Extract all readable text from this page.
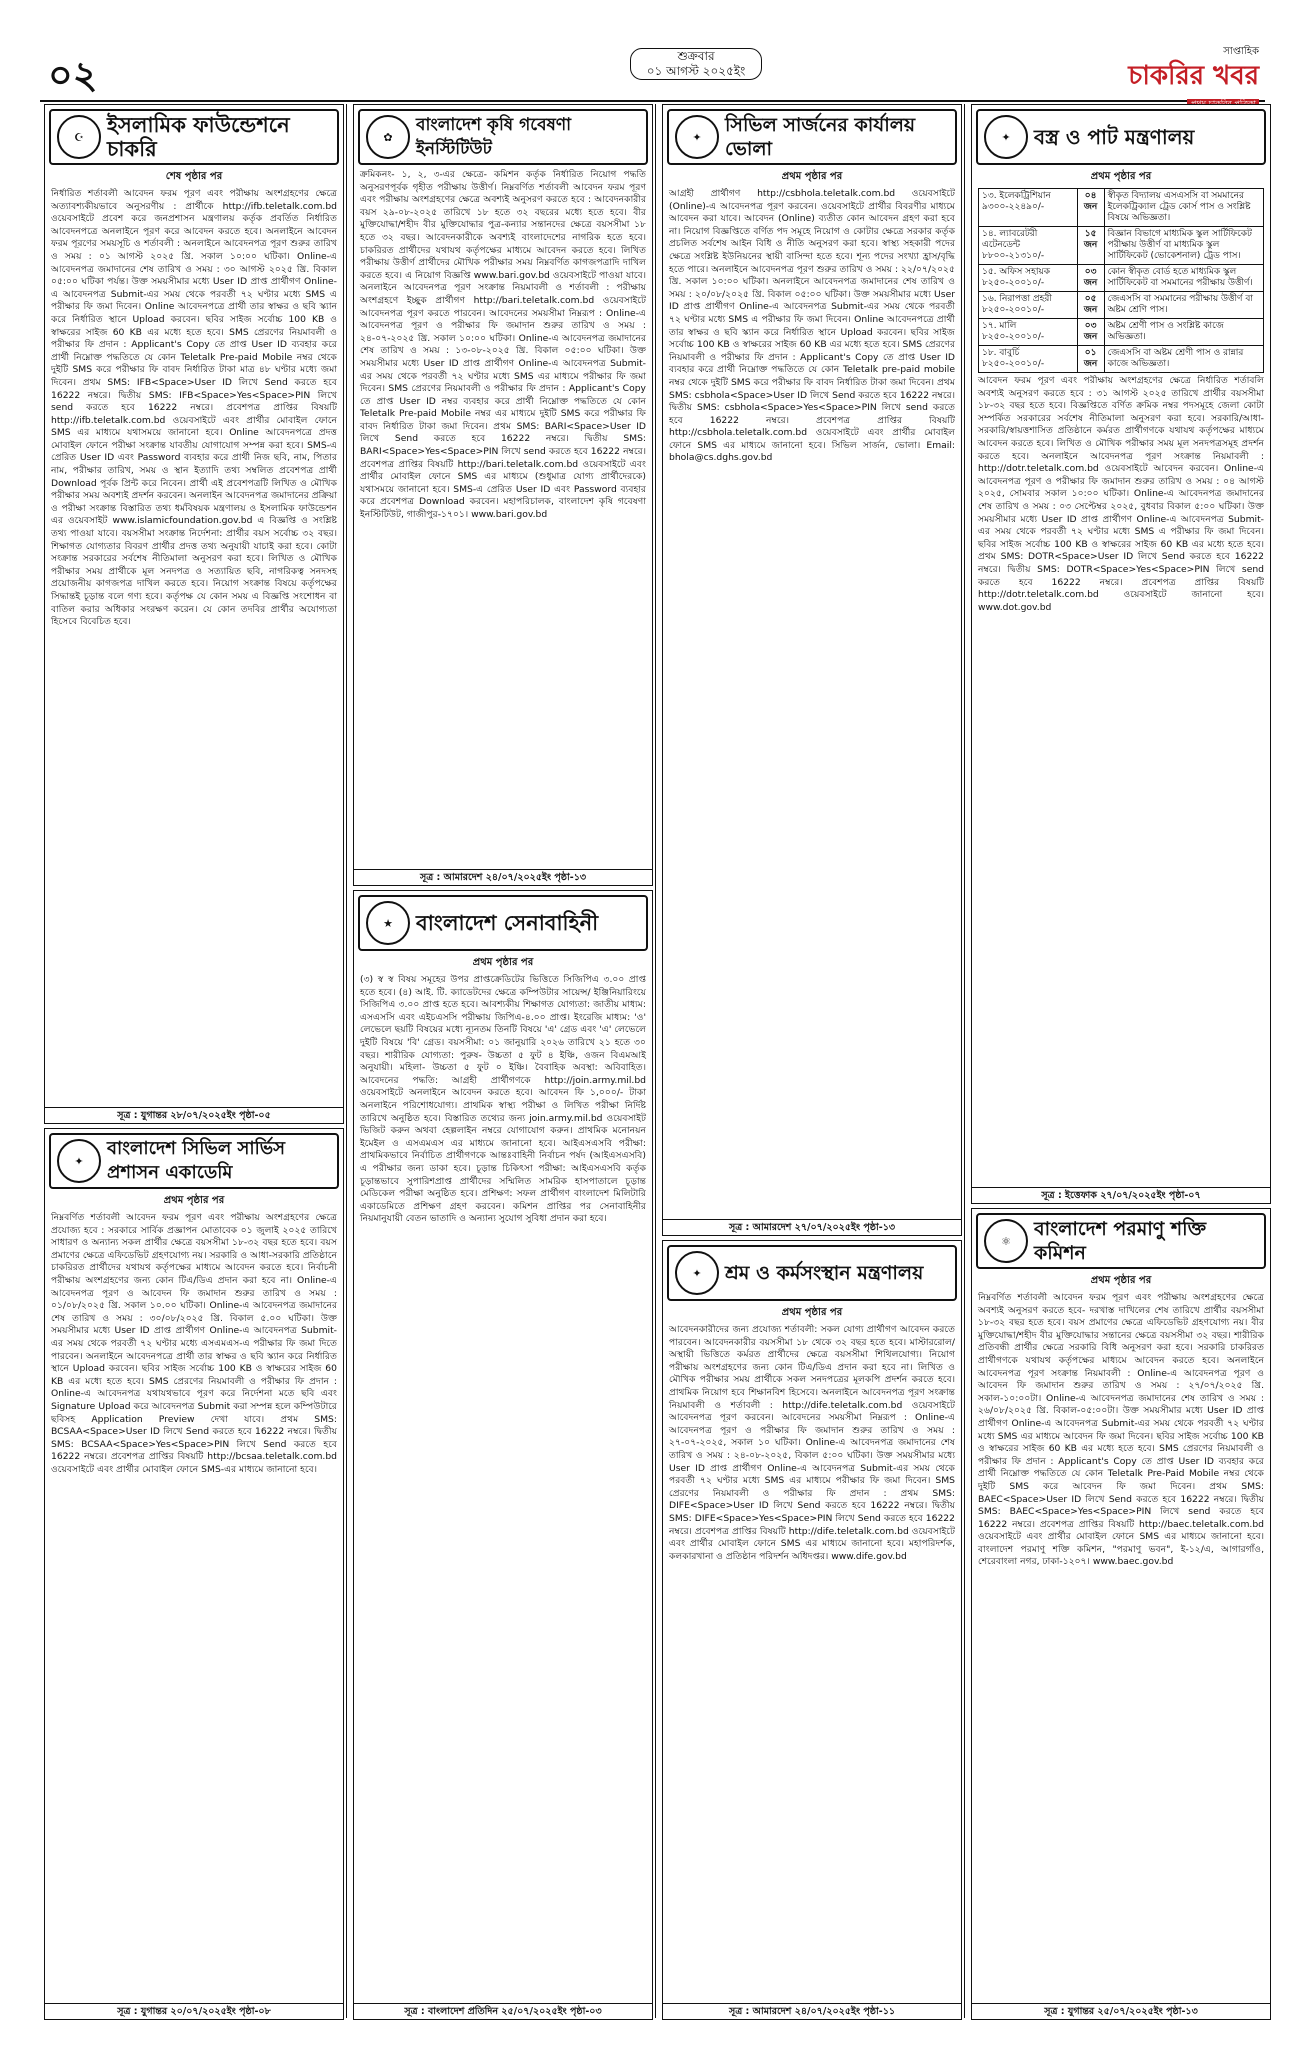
০২	শুক্রবার
০১ আগস্ট ২০২৫ইং
সাপ্তাহিক
চাকরির খবর
☪	ইসলামিক ফাউন্ডেশনে চাকরি
শেষ পৃষ্ঠার পর
নির্ধারিত শর্তাবলী আবেদন ফরম পূরণ এবং পরীক্ষায় অংশগ্রহণের ক্ষেত্রে অত্যাবশ্যকীয়ভাবে অনুসরণীয় : প্রার্থীকে http://ifb.teletalk.com.bd ওয়েবসাইটে প্রবেশ করে জনপ্রশাসন মন্ত্রণালয় কর্তৃক প্রবর্তিত নির্ধারিত আবেদনপত্রে অনলাইনে পূরণ করে আবেদন করতে হবে। অনলাইনে আবেদন ফরম পূরণের সময়সূচি ও শর্তাবলী : অনলাইনে আবেদনপত্র পূরণ শুরুর তারিখ ও সময় : ০১ আগস্ট ২০২৫ খ্রি. সকাল ১০:০০ ঘটিকা। Online-এ আবেদনপত্র জমাদানের শেষ তারিখ ও সময় : ৩০ আগস্ট ২০২৫ খ্রি. বিকাল ০৫:০০ ঘটিকা পর্যন্ত। উক্ত সময়সীমার মধ্যে User ID প্রাপ্ত প্রার্থীগণ Online-এ আবেদনপত্র Submit-এর সময় থেকে পরবর্তী ৭২ ঘণ্টার মধ্যে SMS এ পরীক্ষার ফি জমা দিবেন। Online আবেদনপত্রে প্রার্থী তার স্বাক্ষর ও ছবি স্ক্যান করে নির্ধারিত স্থানে Upload করবেন। ছবির সাইজ সর্বোচ্চ 100 KB ও স্বাক্ষরের সাইজ 60 KB এর মধ্যে হতে হবে। SMS প্রেরণের নিয়মাবলী ও পরীক্ষার ফি প্রদান : Applicant's Copy তে প্রাপ্ত User ID ব্যবহার করে প্রার্থী নিম্নোক্ত পদ্ধতিতে যে কোন Teletalk Pre-paid Mobile নম্বর থেকে দুইটি SMS করে পরীক্ষার ফি বাবদ নির্ধারিত টাকা মাত্র ৪৮ ঘণ্টার মধ্যে জমা দিবেন। প্রথম SMS: IFB<Space>User ID লিখে Send করতে হবে 16222 নম্বরে। দ্বিতীয় SMS: IFB<Space>Yes<Space>PIN লিখে send করতে হবে 16222 নম্বরে। প্রবেশপত্র প্রাপ্তির বিষয়টি http://ifb.teletalk.com.bd ওয়েবসাইটে এবং প্রার্থীর মোবাইল ফোনে SMS এর মাধ্যমে যথাসময়ে জানানো হবে। Online আবেদনপত্রে প্রদত্ত মোবাইল ফোনে পরীক্ষা সংক্রান্ত যাবতীয় যোগাযোগ সম্পন্ন করা হবে। SMS-এ প্রেরিত User ID এবং Password ব্যবহার করে প্রার্থী নিজ ছবি, নাম, পিতার নাম, পরীক্ষার তারিখ, সময় ও স্থান ইত্যাদি তথ্য সম্বলিত প্রবেশপত্র প্রার্থী Download পূর্বক প্রিন্ট করে নিবেন। প্রার্থী এই প্রবেশপত্রটি লিখিত ও মৌখিক পরীক্ষার সময় অবশ্যই প্রদর্শন করবেন। অনলাইন আবেদনপত্র জমাদানের প্রক্রিয়া ও পরীক্ষা সংক্রান্ত বিস্তারিত তথ্য ধর্মবিষয়ক মন্ত্রণালয় ও ইসলামিক ফাউন্ডেশন এর ওয়েবসাইট www.islamicfoundation.gov.bd এ বিজ্ঞপ্তি ও সংশ্লিষ্ট তথ্য পাওয়া যাবে। বয়সসীমা সংক্রান্ত নির্দেশনা: প্রার্থীর বয়স সর্বোচ্চ ৩২ বছর। শিক্ষাগত যোগ্যতার বিবরণ প্রার্থীর প্রদত্ত তথ্য অনুযায়ী যাচাই করা হবে। কোটা সংক্রান্ত সরকারের সর্বশেষ নীতিমালা অনুসরণ করা হবে। লিখিত ও মৌখিক পরীক্ষার সময় প্রার্থীকে মূল সনদপত্র ও সত্যায়িত ছবি, নাগরিকত্ব সনদসহ প্রয়োজনীয় কাগজপত্র দাখিল করতে হবে। নিয়োগ সংক্রান্ত বিষয়ে কর্তৃপক্ষের সিদ্ধান্তই চূড়ান্ত বলে গণ্য হবে। কর্তৃপক্ষ যে কোন সময় এ বিজ্ঞপ্তি সংশোধন বা বাতিল করার অধিকার সংরক্ষণ করেন। যে কোন তদবির প্রার্থীর অযোগ্যতা হিসেবে বিবেচিত হবে।
সূত্র : যুগান্তর ২৮/০৭/২০২৫ইং পৃষ্ঠা-০৫
✦
বাংলাদেশ সিভিল সার্ভিস প্রশাসন একাডেমি
প্রথম পৃষ্ঠার পর
নিম্নবর্ণিত শর্তাবলী আবেদন ফরম পূরণ এবং পরীক্ষায় অংশগ্রহণের ক্ষেত্রে প্রযোজ্য হবে : সরকারে সার্বিক প্রজ্ঞাপন মোতাবেক ০১ জুলাই ২০২৫ তারিখে সাধারণ ও অন্যান্য সকল প্রার্থীর ক্ষেত্রে বয়সসীমা ১৮-৩২ বছর হতে হবে। বয়স প্রমাণের ক্ষেত্রে এফিডেভিট গ্রহণযোগ্য নয়। সরকারি ও আধা-সরকারি প্রতিষ্ঠানে চাকরিরত প্রার্থীদের যথাযথ কর্তৃপক্ষের মাধ্যমে আবেদন করতে হবে। নির্বাচনী পরীক্ষায় অংশগ্রহণের জন্য কোন টিএ/ডিএ প্রদান করা হবে না। Online-এ আবেদনপত্র পূরণ ও আবেদন ফি জমাদান শুরুর তারিখ ও সময় : ০১/০৮/২০২৫ খ্রি. সকাল ১০.০০ ঘটিকা। Online-এ আবেদনপত্র জমাদানের শেষ তারিখ ও সময় : ৩০/০৮/২০২৫ খ্রি. বিকাল ৫.০০ ঘটিকা। উক্ত সময়সীমার মধ্যে User ID প্রাপ্ত প্রার্থীগণ Online-এ আবেদনপত্র Submit-এর সময় থেকে পরবর্তী ৭২ ঘণ্টার মধ্যে এসএমএস-এ পরীক্ষার ফি জমা দিতে পারবেন। অনলাইনে আবেদনপত্রে প্রার্থী তার স্বাক্ষর ও ছবি স্ক্যান করে নির্ধারিত স্থানে Upload করবেন। ছবির সাইজ সর্বোচ্চ 100 KB ও স্বাক্ষরের সাইজ 60 KB এর মধ্যে হতে হবে। SMS প্রেরণের নিয়মাবলী ও পরীক্ষার ফি প্রদান : Online-এ আবেদনপত্র যথাযথভাবে পূরণ করে নির্দেশনা মতে ছবি এবং Signature Upload করে আবেদনপত্র Submit করা সম্পন্ন হলে কম্পিউটারে ছবিসহ Application Preview দেখা যাবে। প্রথম SMS: BCSAA<Space>User ID লিখে Send করতে হবে 16222 নম্বরে। দ্বিতীয় SMS: BCSAA<Space>Yes<Space>PIN লিখে Send করতে হবে 16222 নম্বরে। প্রবেশপত্র প্রাপ্তির বিষয়টি http://bcsaa.teletalk.com.bd ওয়েবসাইটে এবং প্রার্থীর মোবাইল ফোনে SMS-এর মাধ্যমে জানানো হবে।
সূত্র : যুগান্তর ২০/০৭/২০২৫ইং পৃষ্ঠা-০৮
✿
বাংলাদেশ কৃষি গবেষণা ইনস্টিটিউট
ক্রমিকনং- ১, ২, ৩-এর ক্ষেত্রে- কমিশন কর্তৃক নির্ধারিত নিয়োগ পদ্ধতি অনুসরণপূর্বক গৃহীত পরীক্ষায় উত্তীর্ণ। নিম্নবর্ণিত শর্তাবলী আবেদন ফরম পূরণ এবং পরীক্ষায় অংশগ্রহণের ক্ষেত্রে অবশ্যই অনুসরণ করতে হবে : আবেদনকারীর বয়স ২৯-০৮-২০২৫ তারিখে ১৮ হতে ৩২ বছরের মধ্যে হতে হবে। বীর মুক্তিযোদ্ধা/শহীদ বীর মুক্তিযোদ্ধার পুত্র-কন্যার সন্তানদের ক্ষেত্রে বয়সসীমা ১৮ হতে ৩২ বছর। আবেদনকারীকে অবশ্যই বাংলাদেশের নাগরিক হতে হবে। চাকরিরত প্রার্থীদের যথাযথ কর্তৃপক্ষের মাধ্যমে আবেদন করতে হবে। লিখিত পরীক্ষায় উত্তীর্ণ প্রার্থীদের মৌখিক পরীক্ষার সময় নিম্নবর্ণিত কাগজপত্রাদি দাখিল করতে হবে। এ নিয়োগ বিজ্ঞপ্তি www.bari.gov.bd ওয়েবসাইটে পাওয়া যাবে। অনলাইনে আবেদনপত্র পূরণ সংক্রান্ত নিয়মাবলী ও শর্তাবলী : পরীক্ষায় অংশগ্রহণে ইচ্ছুক প্রার্থীগণ http://bari.teletalk.com.bd ওয়েবসাইটে আবেদনপত্র পূরণ করতে পারবেন। আবেদনের সময়সীমা নিম্নরূপ : Online-এ আবেদনপত্র পূরণ ও পরীক্ষার ফি জমাদান শুরুর তারিখ ও সময় : ২৪-০৭-২০২৫ খ্রি. সকাল ১০:০০ ঘটিকা। Online-এ আবেদনপত্র জমাদানের শেষ তারিখ ও সময় : ১৩-০৮-২০২৫ খ্রি. বিকাল ০৫:০০ ঘটিকা। উক্ত সময়সীমার মধ্যে User ID প্রাপ্ত প্রার্থীগণ Online-এ আবেদনপত্র Submit-এর সময় থেকে পরবর্তী ৭২ ঘণ্টার মধ্যে SMS এর মাধ্যমে পরীক্ষার ফি জমা দিবেন। SMS প্রেরণের নিয়মাবলী ও পরীক্ষার ফি প্রদান : Applicant's Copy তে প্রাপ্ত User ID নম্বর ব্যবহার করে প্রার্থী নিম্নোক্ত পদ্ধতিতে যে কোন Teletalk Pre-paid Mobile নম্বর এর মাধ্যমে দুইটি SMS করে পরীক্ষার ফি বাবদ নির্ধারিত টাকা জমা দিবেন। প্রথম SMS: BARI<Space>User ID লিখে Send করতে হবে 16222 নম্বরে। দ্বিতীয় SMS: BARI<Space>Yes<Space>PIN লিখে send করতে হবে 16222 নম্বরে। প্রবেশপত্র প্রাপ্তির বিষয়টি http://bari.teletalk.com.bd ওয়েবসাইটে এবং প্রার্থীর মোবাইল ফোনে SMS এর মাধ্যমে (শুধুমাত্র যোগ্য প্রার্থীদেরকে) যথাসময়ে জানানো হবে। SMS-এ প্রেরিত User ID এবং Password ব্যবহার করে প্রবেশপত্র Download করবেন। মহাপরিচালক, বাংলাদেশ কৃষি গবেষণা ইনস্টিটিউট, গাজীপুর-১৭০১। www.bari.gov.bd
সূত্র : আমারদেশ ২৪/০৭/২০২৫ইং পৃষ্ঠা-১৩
★	বাংলাদেশ সেনাবাহিনী
প্রথম পৃষ্ঠার পর
(৩) স্ব স্ব বিষয় সমূহের উপর প্রাপ্তক্রেডিটের ভিত্তিতে সিজিপিএ ৩.০০ প্রাপ্ত হতে হবে। (৪) আই. টি. ক্যাডেটদের ক্ষেত্রে কম্পিউটার সায়েন্স/ ইঞ্জিনিয়ারিংয়ে সিজিপিএ ৩.০০ প্রাপ্ত হতে হবে। আবশ্যকীয় শিক্ষাগত যোগ্যতা: জাতীয় মাধ্যম: এসএসসি এবং এইচএসসি পরীক্ষায় জিপিএ-৪.০০ প্রাপ্ত। ইংরেজি মাধ্যম: 'ও' লেভেলে ছয়টি বিষয়ের মধ্যে ন্যূনতম তিনটি বিষয়ে 'এ' গ্রেড এবং 'এ' লেভেলে দুইটি বিষয়ে 'বি' গ্রেড। বয়সসীমা: ০১ জানুয়ারি ২০২৬ তারিখে ২১ হতে ৩০ বছর। শারীরিক যোগ্যতা: পুরুষ- উচ্চতা ৫ ফুট ৪ ইঞ্চি, ওজন বিএমআই অনুযায়ী। মহিলা- উচ্চতা ৫ ফুট ০ ইঞ্চি। বৈবাহিক অবস্থা: অবিবাহিত। আবেদনের পদ্ধতি: আগ্রহী প্রার্থীগণকে http://join.army.mil.bd ওয়েবসাইটে অনলাইনে আবেদন করতে হবে। আবেদন ফি ১,০০০/- টাকা অনলাইনে পরিশোধযোগ্য। প্রাথমিক স্বাস্থ্য পরীক্ষা ও লিখিত পরীক্ষা নির্দিষ্ট তারিখে অনুষ্ঠিত হবে। বিস্তারিত তথ্যের জন্য join.army.mil.bd ওয়েবসাইট ভিজিট করুন অথবা হেল্পলাইন নম্বরে যোগাযোগ করুন। প্রাথমিক মনোনয়ন ইমেইল ও এসএমএস এর মাধ্যমে জানানো হবে। আইএসএসবি পরীক্ষা: প্রাথমিকভাবে নির্বাচিত প্রার্থীগণকে আন্তঃবাহিনী নির্বাচন পর্ষদ (আইএসএসবি) এ পরীক্ষার জন্য ডাকা হবে। চূড়ান্ত চিকিৎসা পরীক্ষা: আইএসএসবি কর্তৃক চূড়ান্তভাবে সুপারিশপ্রাপ্ত প্রার্থীদের সম্মিলিত সামরিক হাসপাতালে চূড়ান্ত মেডিকেল পরীক্ষা অনুষ্ঠিত হবে। প্রশিক্ষণ: সফল প্রার্থীগণ বাংলাদেশ মিলিটারি একাডেমিতে প্রশিক্ষণ গ্রহণ করবেন। কমিশন প্রাপ্তির পর সেনাবাহিনীর নিয়মানুযায়ী বেতন ভাতাদি ও অন্যান্য সুযোগ সুবিধা প্রদান করা হবে।
সূত্র : বাংলাদেশ প্রতিদিন ২৫/০৭/২০২৫ইং পৃষ্ঠা-০৩
✦
সিভিল সার্জনের কার্যালয় ভোলা
প্রথম পৃষ্ঠার পর
আগ্রহী প্রার্থীগণ http://csbhola.teletalk.com.bd ওয়েবসাইটে (Online)-এ আবেদনপত্র পূরণ করবেন। ওয়েবসাইটে প্রার্থীর বিবরণীর মাধ্যমে আবেদন করা যাবে। আবেদন (Online) ব্যতীত কোন আবেদন গ্রহণ করা হবে না। নিয়োগ বিজ্ঞপ্তিতে বর্ণিত পদ সমূহে নিয়োগ ও কোটার ক্ষেত্রে সরকার কর্তৃক প্রচলিত সর্বশেষ আইন বিধি ও নীতি অনুসরণ করা হবে। স্বাস্থ্য সহকারী পদের ক্ষেত্রে সংশ্লিষ্ট ইউনিয়নের স্থায়ী বাসিন্দা হতে হবে। শূন্য পদের সংখ্যা হ্রাস/বৃদ্ধি হতে পারে। অনলাইনে আবেদনপত্র পূরণ শুরুর তারিখ ও সময় : ২২/০৭/২০২৫ খ্রি. সকাল ১০:০০ ঘটিকা। অনলাইনে আবেদনপত্র জমাদানের শেষ তারিখ ও সময় : ২০/০৮/২০২৫ খ্রি. বিকাল ০৫:০০ ঘটিকা। উক্ত সময়সীমার মধ্যে User ID প্রাপ্ত প্রার্থীগণ Online-এ আবেদনপত্র Submit-এর সময় থেকে পরবর্তী ৭২ ঘণ্টার মধ্যে SMS এ পরীক্ষার ফি জমা দিবেন। Online আবেদনপত্রে প্রার্থী তার স্বাক্ষর ও ছবি স্ক্যান করে নির্ধারিত স্থানে Upload করবেন। ছবির সাইজ সর্বোচ্চ 100 KB ও স্বাক্ষরের সাইজ 60 KB এর মধ্যে হতে হবে। SMS প্রেরণের নিয়মাবলী ও পরীক্ষার ফি প্রদান : Applicant's Copy তে প্রাপ্ত User ID ব্যবহার করে প্রার্থী নিম্নোক্ত পদ্ধতিতে যে কোন Teletalk pre-paid mobile নম্বর থেকে দুইটি SMS করে পরীক্ষার ফি বাবদ নির্ধারিত টাকা জমা দিবেন। প্রথম SMS: csbhola<Space>User ID লিখে Send করতে হবে 16222 নম্বরে। দ্বিতীয় SMS: csbhola<Space>Yes<Space>PIN লিখে send করতে হবে 16222 নম্বরে। প্রবেশপত্র প্রাপ্তির বিষয়টি http://csbhola.teletalk.com.bd ওয়েবসাইটে এবং প্রার্থীর মোবাইল ফোনে SMS এর মাধ্যমে জানানো হবে। সিভিল সার্জন, ভোলা। Email: bhola@cs.dghs.gov.bd
সূত্র : আমারদেশ ২৭/০৭/২০২৫ইং পৃষ্ঠা-১৩
✦	শ্রম ও কর্মসংস্থান মন্ত্রণালয়
প্রথম পৃষ্ঠার পর
আবেদনকারীদের জন্য প্রযোজ্য শর্তাবলী: সকল যোগ্য প্রার্থীগণ আবেদন করতে পারবেন। আবেদনকারীর বয়সসীমা ১৮ থেকে ৩২ বছর হতে হবে। মাস্টাররোল/অস্থায়ী ভিত্তিতে কর্মরত প্রার্থীদের ক্ষেত্রে বয়সসীমা শিথিলযোগ্য। নিয়োগ পরীক্ষায় অংশগ্রহণের জন্য কোন টিএ/ডিএ প্রদান করা হবে না। লিখিত ও মৌখিক পরীক্ষার সময় প্রার্থীকে সকল সনদপত্রের মূলকপি প্রদর্শন করতে হবে। প্রাথমিক নিয়োগ হবে শিক্ষানবিশ হিসেবে। অনলাইনে আবেদনপত্র পূরণ সংক্রান্ত নিয়মাবলী ও শর্তাবলী : http://dife.teletalk.com.bd ওয়েবসাইটে আবেদনপত্র পূরণ করবেন। আবেদনের সময়সীমা নিম্নরূপ : Online-এ আবেদনপত্র পূরণ ও পরীক্ষার ফি জমাদান শুরুর তারিখ ও সময় : ২৭-০৭-২০২৫, সকাল ১০ ঘটিকা। Online-এ আবেদনপত্র জমাদানের শেষ তারিখ ও সময় : ২৪-০৮-২০২৫, বিকাল ৫:০০ ঘটিকা। উক্ত সময়সীমার মধ্যে User ID প্রাপ্ত প্রার্থীগণ Online-এ আবেদনপত্র Submit-এর সময় থেকে পরবর্তী ৭২ ঘণ্টার মধ্যে SMS এর মাধ্যমে পরীক্ষার ফি জমা দিবেন। SMS প্রেরণের নিয়মাবলী ও পরীক্ষার ফি প্রদান : প্রথম SMS: DIFE<Space>User ID লিখে Send করতে হবে 16222 নম্বরে। দ্বিতীয় SMS: DIFE<Space>Yes<Space>PIN লিখে Send করতে হবে 16222 নম্বরে। প্রবেশপত্র প্রাপ্তির বিষয়টি http://dife.teletalk.com.bd ওয়েবসাইটে এবং প্রার্থীর মোবাইল ফোনে SMS এর মাধ্যমে জানানো হবে। মহাপরিদর্শক, কলকারখানা ও প্রতিষ্ঠান পরিদর্শন অধিদপ্তর। www.dife.gov.bd
সূত্র : আমারদেশ ২৪/০৭/২০২৫ইং পৃষ্ঠা-১১
✦	বস্ত্র ও পাট মন্ত্রণালয়
প্রথম পৃষ্ঠার পর
১৩. ইলেকট্রিশিয়ান ৯৩০০-২২৪৯০/-	০৪ জন	স্বীকৃত বিদ্যালয় এসএসসি বা সমমানের ইলেকট্রিক্যাল ট্রেড কোর্স পাস ও সংশ্লিষ্ট বিষয়ে অভিজ্ঞতা।
১৪. ল্যাবরেটরী এটেনডেন্ট ৮৮০০-২১৩১০/-	১৫ জন	বিজ্ঞান বিভাগে মাধ্যমিক স্কুল সার্টিফিকেট পরীক্ষায় উত্তীর্ণ বা মাধ্যমিক স্কুল সার্টিফিকেট (ভোকেশনাল) ট্রেড পাস।
১৫. অফিস সহায়ক ৮২৫০-২০০১০/-	০৩ জন	কোন স্বীকৃত বোর্ড হতে মাধ্যমিক স্কুল সার্টিফিকেট বা সমমানের পরীক্ষায় উত্তীর্ণ।
১৬. নিরাপত্তা প্রহরী ৮২৫০-২০০১০/-	০৫ জন	জেএসসি বা সমমানের পরীক্ষায় উত্তীর্ণ বা অষ্টম শ্রেণি পাস।
১৭. মালি ৮২৫০-২০০১০/-	০৩ জন	অষ্টম শ্রেণী পাস ও সংশ্লিষ্ট কাজে অভিজ্ঞতা।
১৮. বাবুর্চি ৮২৫০-২০০১০/-	০১ জন	জেএসসি বা অষ্টম শ্রেণী পাস ও রান্নার কাজে অভিজ্ঞতা।
আবেদন ফরম পূরণ এবং পরীক্ষায় অংশগ্রহণের ক্ষেত্রে নির্ধারিত শর্তাবলি অবশ্যই অনুসরণ করতে হবে : ৩১ আগস্ট ২০২৫ তারিখে প্রার্থীর বয়সসীমা ১৮-৩২ বছর হতে হবে। বিজ্ঞপ্তিতে বর্ণিত ক্রমিক নম্বর পদসমূহে জেলা কোটা সম্পর্কিত সরকারের সর্বশেষ নীতিমালা অনুসরণ করা হবে। সরকারি/আধা-সরকারি/স্বায়ত্তশাসিত প্রতিষ্ঠানে কর্মরত প্রার্থীগণকে যথাযথ কর্তৃপক্ষের মাধ্যমে আবেদন করতে হবে। লিখিত ও মৌখিক পরীক্ষার সময় মূল সনদপত্রসমূহ প্রদর্শন করতে হবে। অনলাইনে আবেদনপত্র পূরণ সংক্রান্ত নিয়মাবলী : http://dotr.teletalk.com.bd ওয়েবসাইটে আবেদন করবেন। Online-এ আবেদনপত্র পূরণ ও পরীক্ষার ফি জমাদান শুরুর তারিখ ও সময় : ০৪ আগস্ট ২০২৫, সোমবার সকাল ১০:০০ ঘটিকা। Online-এ আবেদনপত্র জমাদানের শেষ তারিখ ও সময় : ০৩ সেপ্টেম্বর ২০২৫, বুধবার বিকাল ৫:০০ ঘটিকা। উক্ত সময়সীমার মধ্যে User ID প্রাপ্ত প্রার্থীগণ Online-এ আবেদনপত্র Submit-এর সময় থেকে পরবর্তী ৭২ ঘণ্টার মধ্যে SMS এ পরীক্ষার ফি জমা দিবেন। ছবির সাইজ সর্বোচ্চ 100 KB ও স্বাক্ষরের সাইজ 60 KB এর মধ্যে হতে হবে। প্রথম SMS: DOTR<Space>User ID লিখে Send করতে হবে 16222 নম্বরে। দ্বিতীয় SMS: DOTR<Space>Yes<Space>PIN লিখে send করতে হবে 16222 নম্বরে। প্রবেশপত্র প্রাপ্তির বিষয়টি http://dotr.teletalk.com.bd ওয়েবসাইটে জানানো হবে। www.dot.gov.bd
সূত্র : ইত্তেফাক ২৭/০৭/২০২৫ইং পৃষ্ঠা-০৭
⚛
বাংলাদেশ পরমাণু শক্তি কমিশন
প্রথম পৃষ্ঠার পর
নিম্নবর্ণিত শর্তাবলী আবেদন ফরম পূরণ এবং পরীক্ষায় অংশগ্রহণের ক্ষেত্রে অবশ্যই অনুসরণ করতে হবে- দরখাস্ত দাখিলের শেষ তারিখে প্রার্থীর বয়সসীমা ১৮-৩২ বছর হতে হবে। বয়স প্রমাণের ক্ষেত্রে এফিডেভিট গ্রহণযোগ্য নয়। বীর মুক্তিযোদ্ধা/শহীদ বীর মুক্তিযোদ্ধার সন্তানের ক্ষেত্রে বয়সসীমা ৩২ বছর। শারীরিক প্রতিবন্ধী প্রার্থীর ক্ষেত্রে সরকারি বিধি অনুসরণ করা হবে। সরকারি চাকরিরত প্রার্থীগণকে যথাযথ কর্তৃপক্ষের মাধ্যমে আবেদন করতে হবে। অনলাইনে আবেদনপত্র পূরণ সংক্রান্ত নিয়মাবলী : Online-এ আবেদনপত্র পূরণ ও আবেদন ফি জমাদান শুরুর তারিখ ও সময় : ২৭/০৭/২০২৫ খ্রি. সকাল-১০:০০টা। Online-এ আবেদনপত্র জমাদানের শেষ তারিখ ও সময় : ২৬/০৮/২০২৫ খ্রি. বিকাল-০৫:০০টা। উক্ত সময়সীমার মধ্যে User ID প্রাপ্ত প্রার্থীগণ Online-এ আবেদনপত্র Submit-এর সময় থেকে পরবর্তী ৭২ ঘণ্টার মধ্যে SMS এর মাধ্যমে আবেদন ফি জমা দিবেন। ছবির সাইজ সর্বোচ্চ 100 KB ও স্বাক্ষরের সাইজ 60 KB এর মধ্যে হতে হবে। SMS প্রেরণের নিয়মাবলী ও পরীক্ষার ফি প্রদান : Applicant's Copy তে প্রাপ্ত User ID ব্যবহার করে প্রার্থী নিম্নোক্ত পদ্ধতিতে যে কোন Teletalk Pre-Paid Mobile নম্বর থেকে দুইটি SMS করে আবেদন ফি জমা দিবেন। প্রথম SMS: BAEC<Space>User ID লিখে Send করতে হবে 16222 নম্বরে। দ্বিতীয় SMS: BAEC<Space>Yes<Space>PIN লিখে send করতে হবে 16222 নম্বরে। প্রবেশপত্র প্রাপ্তির বিষয়টি http://baec.teletalk.com.bd ওয়েবসাইটে এবং প্রার্থীর মোবাইল ফোনে SMS এর মাধ্যমে জানানো হবে। বাংলাদেশ পরমাণু শক্তি কমিশন, "পরমাণু ভবন", ই-১২/এ, আগারগাঁও, শেরেবাংলা নগর, ঢাকা-১২০৭। www.baec.gov.bd
সূত্র : যুগান্তর ২৫/০৭/২০২৫ইং পৃষ্ঠা-১৩
